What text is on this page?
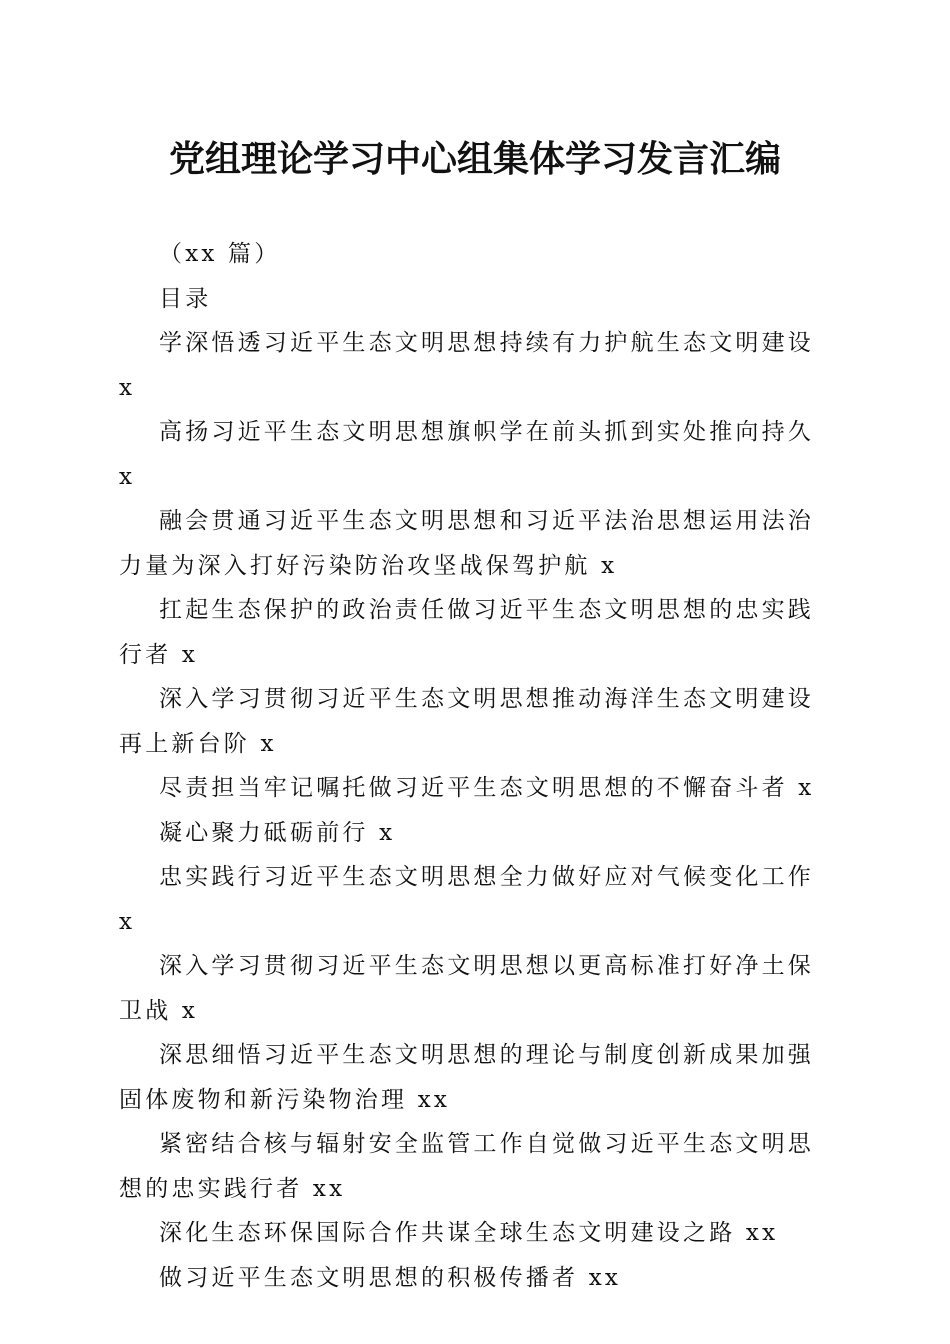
党组理论学习中心组集体学习发言汇编

（xx 篇）

目录

学深悟透习近平生态文明思想持续有力护航生态文明建设 x

高扬习近平生态文明思想旗帜学在前头抓到实处推向持久 x

融会贯通习近平生态文明思想和习近平法治思想运用法治力量为深入打好污染防治攻坚战保驾护航 x

扛起生态保护的政治责任做习近平生态文明思想的忠实践行者 x

深入学习贯彻习近平生态文明思想推动海洋生态文明建设再上新台阶 x

尽责担当牢记嘱托做习近平生态文明思想的不懈奋斗者 x

凝心聚力砥砺前行 x

忠实践行习近平生态文明思想全力做好应对气候变化工作 x

深入学习贯彻习近平生态文明思想以更高标准打好净土保卫战 x

深思细悟习近平生态文明思想的理论与制度创新成果加强固体废物和新污染物治理 xx

紧密结合核与辐射安全监管工作自觉做习近平生态文明思想的忠实践行者 xx

深化生态环保国际合作共谋全球生态文明建设之路 xx

做习近平生态文明思想的积极传播者 xx
